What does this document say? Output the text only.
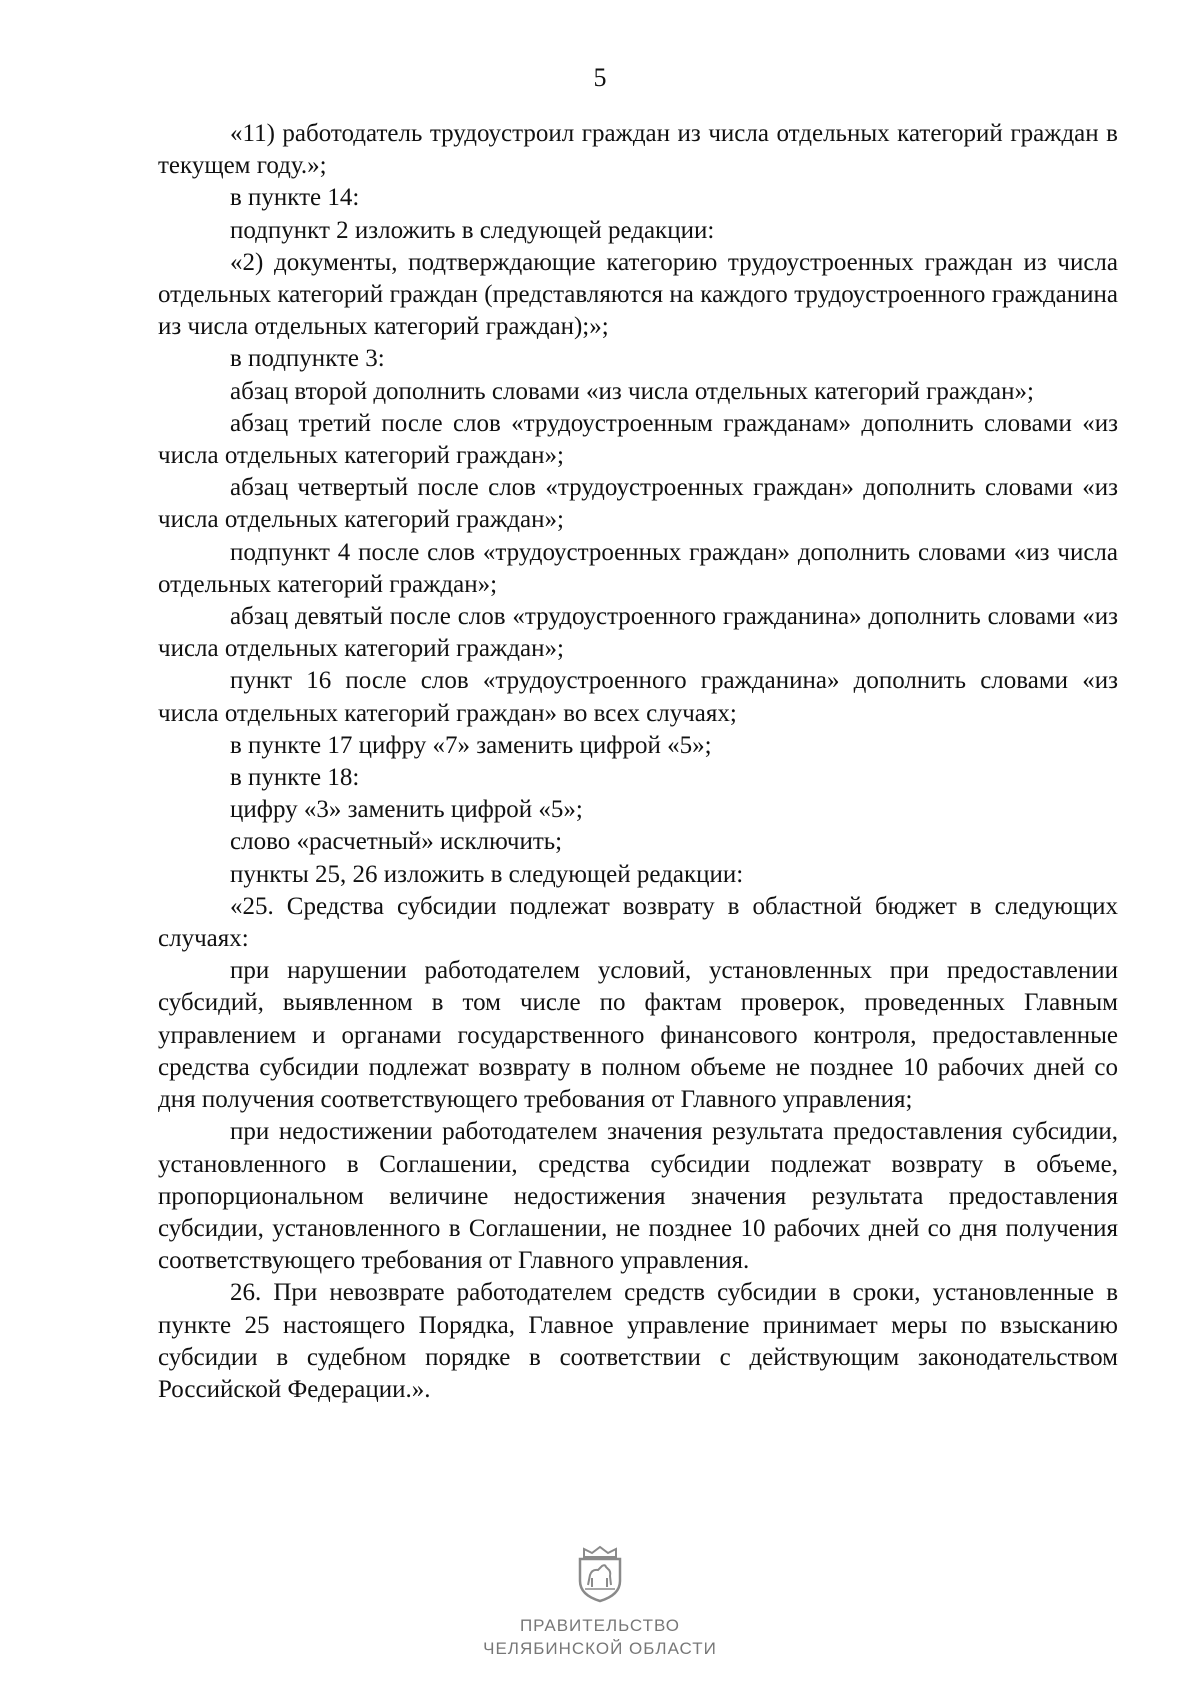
5

«11) работодатель трудоустроил граждан из числа отдельных категорий граждан в текущем году.»;

в пункте 14:

подпункт 2 изложить в следующей редакции:

«2) документы, подтверждающие категорию трудоустроенных граждан из числа отдельных категорий граждан (представляются на каждого трудоустроенного гражданина из числа отдельных категорий граждан);»;

в подпункте 3:

абзац второй дополнить словами «из числа отдельных категорий граждан»;

абзац третий после слов «трудоустроенным гражданам» дополнить словами «из числа отдельных категорий граждан»;

абзац четвертый после слов «трудоустроенных граждан» дополнить словами «из числа отдельных категорий граждан»;

подпункт 4 после слов «трудоустроенных граждан» дополнить словами «из числа отдельных категорий граждан»;

абзац девятый после слов «трудоустроенного гражданина» дополнить словами «из числа отдельных категорий граждан»;

пункт 16 после слов «трудоустроенного гражданина» дополнить словами «из числа отдельных категорий граждан» во всех случаях;

в пункте 17 цифру «7» заменить цифрой «5»;

в пункте 18:

цифру «3» заменить цифрой «5»;

слово «расчетный» исключить;

пункты 25, 26 изложить в следующей редакции:

«25. Средства субсидии подлежат возврату в областной бюджет в следующих случаях:

при нарушении работодателем условий, установленных при предоставлении субсидий, выявленном в том числе по фактам проверок, проведенных Главным управлением и органами государственного финансового контроля, предоставленные средства субсидии подлежат возврату в полном объеме не позднее 10 рабочих дней со дня получения соответствующего требования от Главного управления;

при недостижении работодателем значения результата предоставления субсидии, установленного в Соглашении, средства субсидии подлежат возврату в объеме, пропорциональном величине недостижения значения результата предоставления субсидии, установленного в Соглашении, не позднее 10 рабочих дней со дня получения соответствующего требования от Главного управления.

26. При невозврате работодателем средств субсидии в сроки, установленные в пункте 25 настоящего Порядка, Главное управление принимает меры по взысканию субсидии в судебном порядке в соответствии с действующим законодательством Российской Федерации.».

ПРАВИТЕЛЬСТВО
ЧЕЛЯБИНСКОЙ ОБЛАСТИ
